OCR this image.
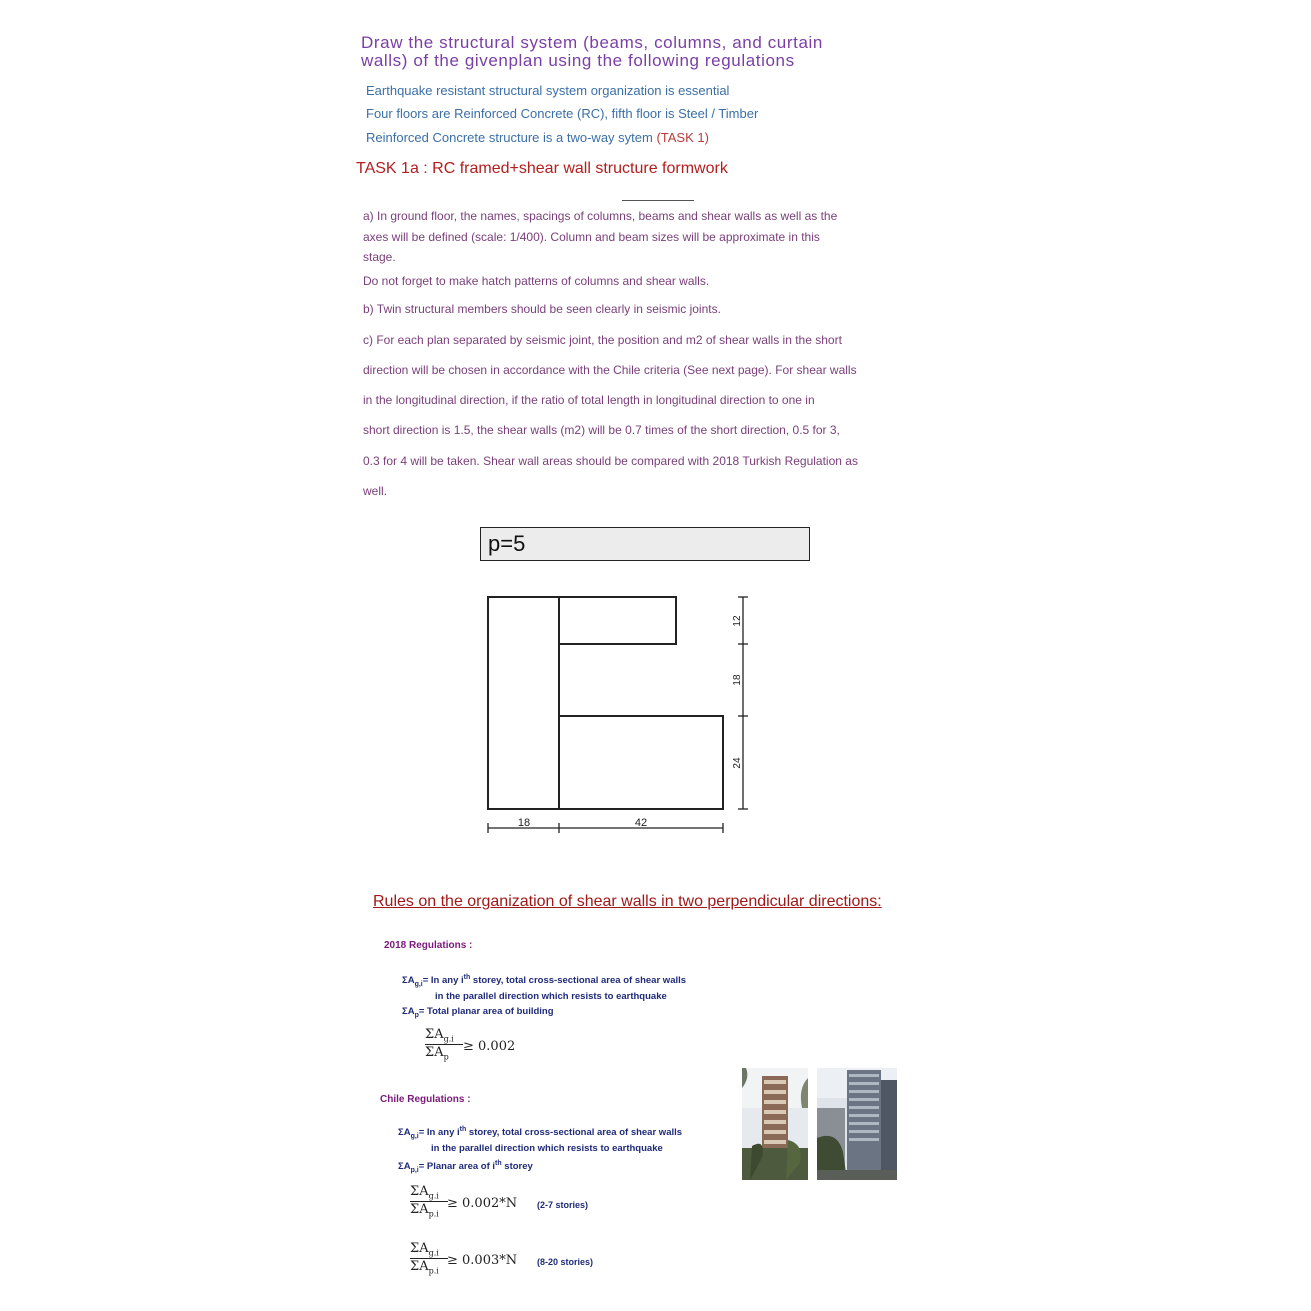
Draw the structural system (beams, columns, and curtain
walls) of the givenplan using the following regulations
Earthquake resistant structural system organization is essential
Four floors are Reinforced Concrete (RC), fifth floor is Steel / Timber
Reinforced Concrete structure is a two-way sytem (TASK 1)
TASK 1a : RC framed+shear wall structure formwork
a) In ground floor, the names, spacings of columns, beams and shear walls as well as the
axes will be defined (scale: 1/400). Column and beam sizes will be approximate in this
stage.
Do not forget to make hatch patterns of columns and shear walls.
b) Twin structural members should be seen clearly in seismic joints.
c) For each plan separated by seismic joint, the position and m2 of shear walls in the short
direction will be chosen in accordance with the Chile criteria (See next page). For shear walls
in the longitudinal direction, if the ratio of total length in longitudinal direction to one in
short direction is 1.5, the shear walls (m2) will be 0.7 times of the short direction, 0.5 for 3,
0.3 for 4 will be taken. Shear wall areas should be compared with 2018 Turkish Regulation as
well.
p=5
12
18
24
18	42
Rules on the organization of shear walls in two perpendicular directions:
2018 Regulations :
$\Sigma A_{g,i}= In$ any $i^{th}$ storey, total cross-sectional area of shear walls
in the parallel direction which resists to earthquake
$\Sigma A_p=$ Total planar area of building
$\Sigma A_{g.i}$
$\Sigma A_p$
≥ 0.002
Chile Regulations :
$\Sigma A_{g,i}= In$ any $i^{th}$ storey, total cross-sectional area of shear walls
in the parallel direction which resists to earthquake
$\Sigma A_{p,i}=$ Planar area of $i^{th}$ storey
$\Sigma A_{g.i}$
$\Sigma A_{p.i}$
≥ 0.002*N (2-7 stories)
$\Sigma A_{g.i}$
$\Sigma A_{p.i}$
≥ 0.003*N (8-20 stories)
